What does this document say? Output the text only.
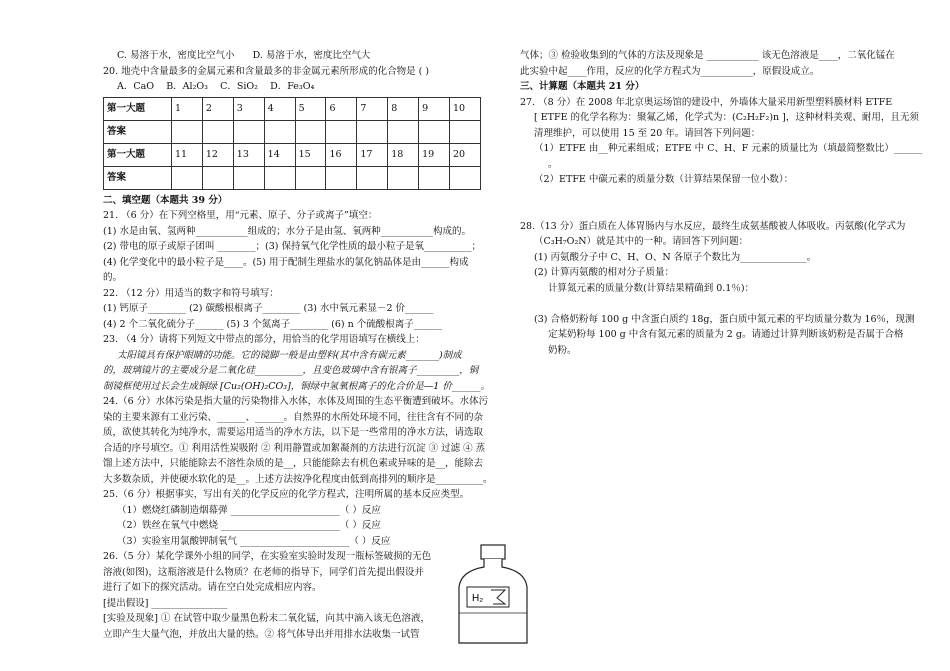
C. 易溶于水，密度比空气小 D. 易溶于水，密度比空气大

20. 地壳中含量最多的金属元素和含量最多的非金属元素所形成的化合物是 ( )

A．CaO B．Al₂O₃ C．SiO₂ D．Fe₃O₄

第一大题	1	2	3	4	5	6	7	8	9	10
答案										
第一大题	11	12	13	14	15	16	17	18	19	20
答案										

二、填空题（本题共 39 分）

21. （6 分）在下列空格里，用“元素、原子、分子或离子”填空：

(1) 水是由氧、氢两种___________组成的；水分子是由氢、氧两种___________构成的。

(2) 带电的原子或原子团叫 ________；(3) 保持氧气化学性质的最小粒子是氧__________；

(4) 化学变化中的最小粒子是____。(5) 用于配制生理盐水的氯化钠晶体是由______构成

的。

22. （12 分）用适当的数字和符号填写：

(1) 钙原子________ (2) 碳酸根根离子________ (3) 水中氧元素显－2 价______

(4) 2 个二氧化硫分子______ (5) 3 个氮离子________ (6) n 个硫酸根离子______

23. （4 分）请将下列短文中带点的部分，用恰当的化学用语填写在横线上：

太阳镜具有保护眼睛的功能。它的镜脚一般是由塑料(其中含有碳元素_______)制成

的，玻璃镜片的主要成分是二氧化硅__________，且变色玻璃中含有银离子_________，铜

制镜框使用过长会生成铜绿 [Cu₂(OH)₂CO₃]，铜绿中氢氧根离子的化合价是—1 价______。

24.（6 分）水体污染是指大量的污染物排入水体，水体及周围的生态平衡遭到破坏。水体污

染的主要来源有工业污染、______、______。自然界的水所处环境不同，往往含有不同的杂

质，欲使其转化为纯净水，需要运用适当的净水方法，以下是一些常用的净水方法，请选取

合适的序号填空。① 利用活性炭吸附 ② 利用静置或加絮凝剂的方法进行沉淀 ③ 过滤 ④ 蒸

馏上述方法中，只能能除去不溶性杂质的是__，只能能除去有机色素或异味的是__，能除去

大多数杂质，并使硬水软化的是__。上述方法按净化程度由低到高排列的顺序是__________。

25.（6 分）根据事实，写出有关的化学反应的化学方程式，注明所属的基本反应类型。

（1）燃烧红磷制造烟幕弹 _______________________（ ）反应

（2）铁丝在氧气中燃烧 _________________________（ ）反应

（3）实验室用氯酸钾制氧气 _______________________（ ）反应

26.（5 分）某化学课外小组的同学，在实验室实验时发现一瓶标签破损的无色

溶液(如图)，这瓶溶液是什么物质？在老师的指导下，同学们首先提出假设并

进行了如下的探究活动。请在空白处完成相应内容。

[提出假设] ________________

[实验及现象] ① 在试管中取少量黑色粉末二氧化锰，向其中滴入该无色溶液，

立即产生大量气泡，并放出大量的热。② 将气体导出并用排水法收集一试管

H₂

气体；③ 检验收集到的气体的方法及现象是 ___________ 该无色溶液是____，二氧化锰在

此实验中起____作用，反应的化学方程式为___________，原假设成立。

三、计算题（本题共 21 分）

27. （8 分）在 2008 年北京奥运场馆的建设中，外墙体大量采用新型塑料膜材料 ETFE

[ ETFE 的化学名称为：聚氟乙烯，化学式为：(C₂H₂F₂)n ]，这种材料美观、耐用，且无须

清理维护，可以使用 15 至 20 年。请回答下列问题：

（1）ETFE 由__种元素组成；ETFE 中 C、H、F 元素的质量比为（填最简整数比）______

。

（2）ETFE 中碳元素的质量分数（计算结果保留一位小数）：

28.（13 分）蛋白质在人体胃肠内与水反应，最终生成氨基酸被人体吸收。丙氨酸(化学式为

（C₃H₇O₂N）就是其中的一种。请回答下列问题：

(1) 丙氨酸分子中 C、H、O、N 各原子个数比为______________。

(2) 计算丙氨酸的相对分子质量：

计算氮元素的质量分数(计算结果精确到 0.1％)：

(3) 合格奶粉每 100 g 中含蛋白质约 18g，蛋白质中氮元素的平均质量分数为 16％，现测

定某奶粉每 100 g 中含有氮元素的质量为 2 g。请通过计算判断该奶粉是否属于合格

奶粉。
